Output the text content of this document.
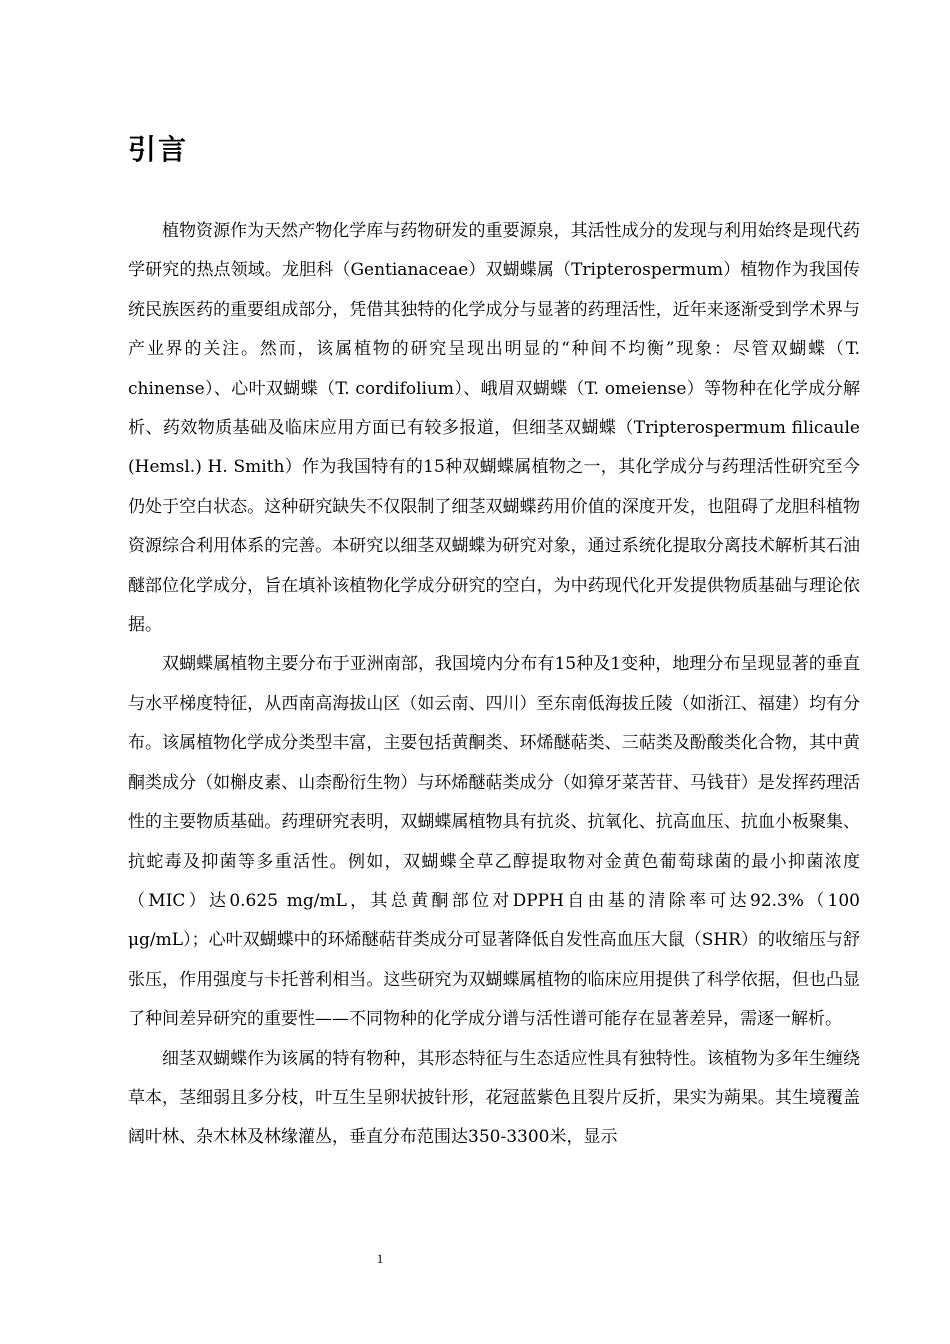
引言

植物资源作为天然产物化学库与药物研发的重要源泉，其活性成分的发现与利用始终是现代药学研究的热点领域。龙胆科（Gentianaceae）双蝴蝶属（Tripterospermum）植物作为我国传统民族医药的重要组成部分，凭借其独特的化学成分与显著的药理活性，近年来逐渐受到学术界与产业界的关注。然而，该属植物的研究呈现出明显的“种间不均衡”现象：尽管双蝴蝶（T. chinense）、心叶双蝴蝶（T. cordifolium）、峨眉双蝴蝶（T. omeiense）等物种在化学成分解析、药效物质基础及临床应用方面已有较多报道，但细茎双蝴蝶（Tripterospermum filicaule (Hemsl.) H. Smith）作为我国特有的15种双蝴蝶属植物之一，其化学成分与药理活性研究至今仍处于空白状态。这种研究缺失不仅限制了细茎双蝴蝶药用价值的深度开发，也阻碍了龙胆科植物资源综合利用体系的完善。本研究以细茎双蝴蝶为研究对象，通过系统化提取分离技术解析其石油醚部位化学成分，旨在填补该植物化学成分研究的空白，为中药现代化开发提供物质基础与理论依据。

双蝴蝶属植物主要分布于亚洲南部，我国境内分布有15种及1变种，地理分布呈现显著的垂直与水平梯度特征，从西南高海拔山区（如云南、四川）至东南低海拔丘陵（如浙江、福建）均有分布。该属植物化学成分类型丰富，主要包括黄酮类、环烯醚萜类、三萜类及酚酸类化合物，其中黄酮类成分（如槲皮素、山柰酚衍生物）与环烯醚萜类成分（如獐牙菜苦苷、马钱苷）是发挥药理活性的主要物质基础。药理研究表明，双蝴蝶属植物具有抗炎、抗氧化、抗高血压、抗血小板聚集、抗蛇毒及抑菌等多重活性。例如，双蝴蝶全草乙醇提取物对金黄色葡萄球菌的最小抑菌浓度（MIC）达0.625 mg/mL，其总黄酮部位对DPPH自由基的清除率可达92.3%（100 μg/mL）；心叶双蝴蝶中的环烯醚萜苷类成分可显著降低自发性高血压大鼠（SHR）的收缩压与舒张压，作用强度与卡托普利相当。这些研究为双蝴蝶属植物的临床应用提供了科学依据，但也凸显了种间差异研究的重要性——不同物种的化学成分谱与活性谱可能存在显著差异，需逐一解析。

细茎双蝴蝶作为该属的特有物种，其形态特征与生态适应性具有独特性。该植物为多年生缠绕草本，茎细弱且多分枝，叶互生呈卵状披针形，花冠蓝紫色且裂片反折，果实为蒴果。其生境覆盖阔叶林、杂木林及林缘灌丛，垂直分布范围达350-3300米，显示

1
